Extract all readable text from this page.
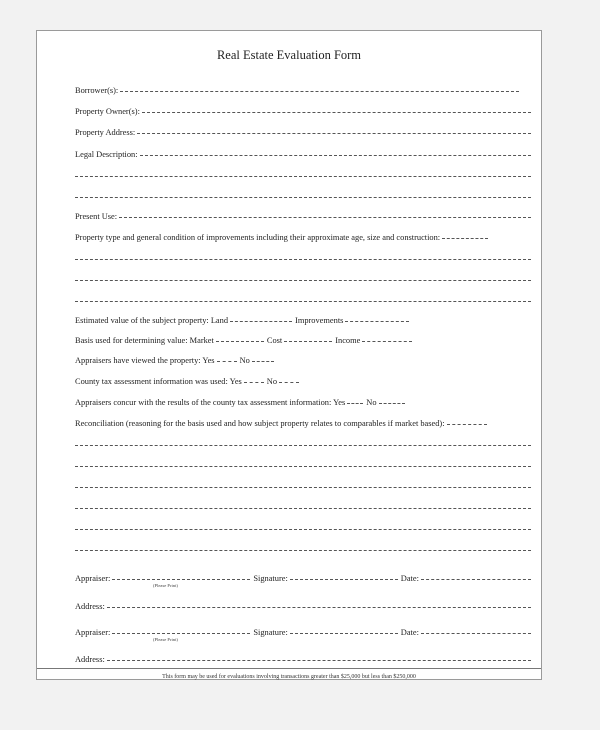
Real Estate Evaluation Form
Borrower(s):
Property Owner(s):
Property Address:
Legal Description:
Present Use:
Property type and general condition of improvements including their approximate age, size and construction:
Estimated value of the subject property: Land	Improvements
Basis used for determining value: Market	Cost	Income
Appraisers have viewed the property: Yes	No
County tax assessment information was used: Yes	No
Appraisers concur with the results of the county tax assessment information: Yes	No
Reconciliation (reasoning for the basis used and how subject property relates to comparables if market based):
Appraiser:	Signature:	Date:
(Please Print)
Address:
Appraiser:	Signature:	Date:
(Please Print)
Address:
This form may be used for evaluations involving transactions greater than $25,000 but less than $250,000
